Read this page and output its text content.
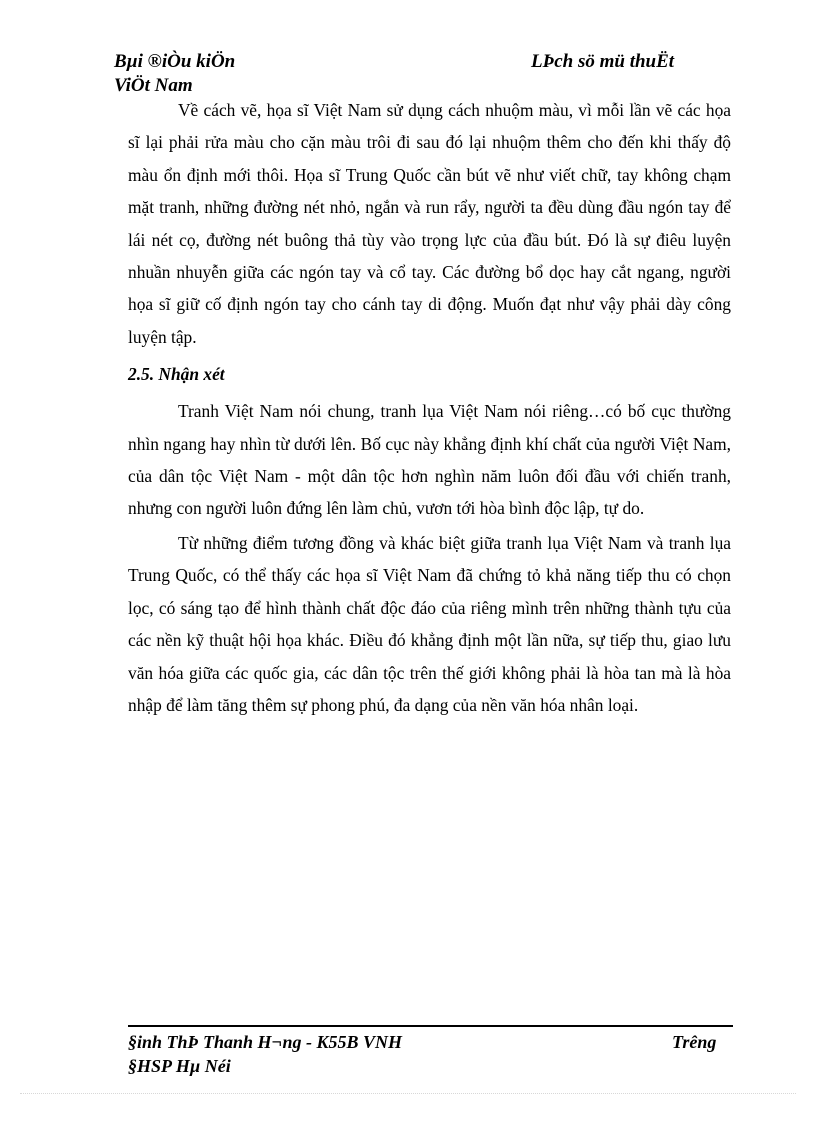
Bµi ®iÒu kiÖn
ViÖt Nam
LÞch sö mü thuËt

Về cách vẽ, họa sĩ Việt Nam sử dụng cách nhuộm màu, vì mỗi lần vẽ các họa sĩ lại phải rửa màu cho cặn màu trôi đi sau đó lại nhuộm thêm cho đến khi thấy độ màu ổn định mới thôi. Họa sĩ Trung Quốc cần bút vẽ như viết chữ, tay không chạm mặt tranh, những đường nét nhỏ, ngắn và run rẩy, người ta đều dùng đầu ngón tay để lái nét cọ, đường nét buông thả tùy vào trọng lực của đầu bút. Đó là sự điêu luyện nhuần nhuyễn giữa các ngón tay và cổ tay. Các đường bổ dọc hay cắt ngang, người họa sĩ giữ cố định ngón tay cho cánh tay di động. Muốn đạt như vậy phải dày công luyện tập.

2.5. Nhận xét

Tranh Việt Nam nói chung, tranh lụa Việt Nam nói riêng…có bố cục thường nhìn ngang hay nhìn từ dưới lên. Bố cục này khẳng định khí chất của người Việt Nam, của dân tộc Việt Nam - một dân tộc hơn nghìn năm luôn đối đầu với chiến tranh, nhưng con người luôn đứng lên làm chủ, vươn tới hòa bình độc lập, tự do.

Từ những điểm tương đồng và khác biệt giữa tranh lụa Việt Nam và tranh lụa Trung Quốc, có thể thấy các họa sĩ Việt Nam đã chứng tỏ khả năng tiếp thu có chọn lọc, có sáng tạo để hình thành chất độc đáo của riêng mình trên những thành tựu của các nền kỹ thuật hội họa khác. Điều đó khẳng định một lần nữa, sự tiếp thu, giao lưu văn hóa giữa các quốc gia, các dân tộc trên thế giới không phải là hòa tan mà là hòa nhập để làm tăng thêm sự phong phú, đa dạng của nền văn hóa nhân loại.

§inh ThÞ Thanh H¬ng - K55B VNH
§HSP Hµ Néi
Trêng
